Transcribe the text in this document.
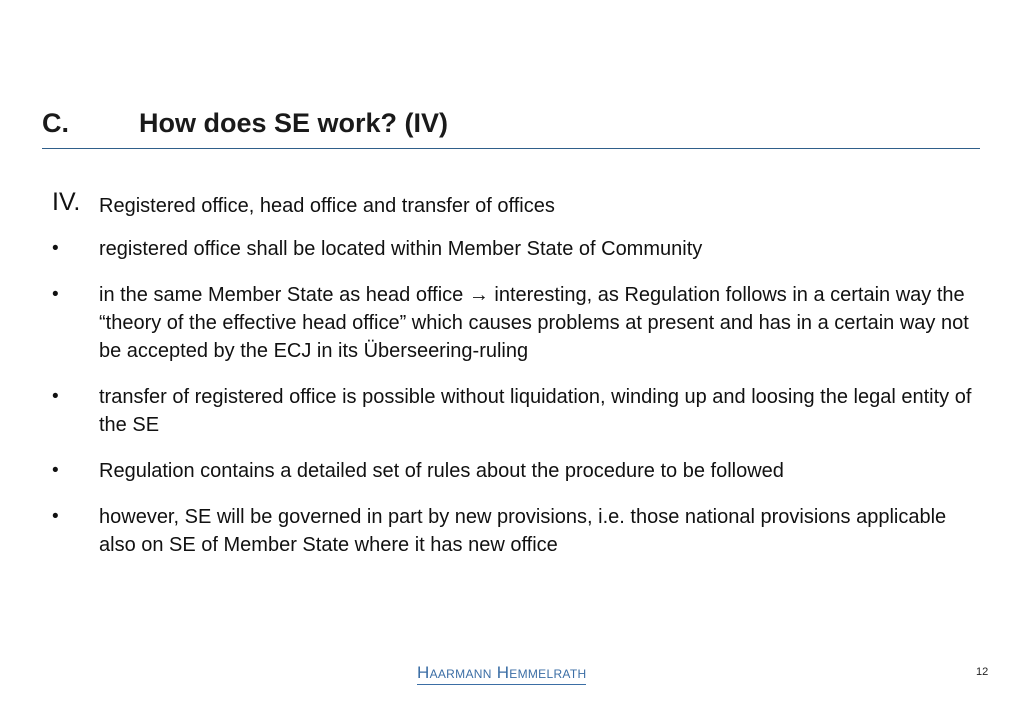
C.	How does SE work? (IV)
IV. Registered office, head office and transfer of offices
•	registered office shall be located within Member State of Community
•	in the same Member State as head office → interesting, as Regulation follows in a certain way the “theory of the effective head office” which causes problems at present and has in a certain way not be accepted by the ECJ in its Überseering-ruling
•	transfer of registered office is possible without liquidation, winding up and loosing the legal entity of the SE
•	Regulation contains a detailed set of rules about the procedure to be followed
•	however, SE will be governed in part by new provisions, i.e. those national provisions applicable also on SE of Member State where it has new office
Haarmann Hemmelrath	12
